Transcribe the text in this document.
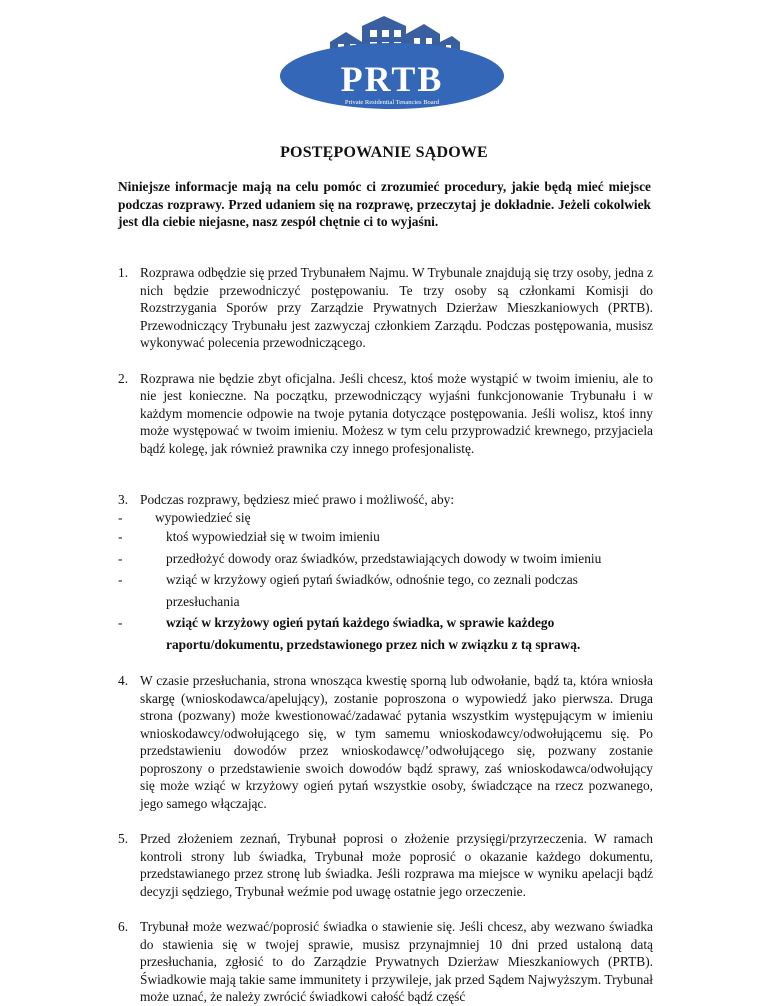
PRTB
Private Residential Tenancies Board
POSTĘPOWANIE SĄDOWE
Niniejsze informacje mają na celu pomóc ci zrozumieć procedury, jakie będą mieć miejsce podczas rozprawy. Przed udaniem się na rozprawę, przeczytaj je dokładnie. Jeżeli cokolwiek jest dla ciebie niejasne, nasz zespół chętnie ci to wyjaśni.
1. Rozprawa odbędzie się przed Trybunałem Najmu. W Trybunale znajdują się trzy osoby, jedna z nich będzie przewodniczyć postępowaniu. Te trzy osoby są członkami Komisji do Rozstrzygania Sporów przy Zarządzie Prywatnych Dzierżaw Mieszkaniowych (PRTB). Przewodniczący Trybunału jest zazwyczaj członkiem Zarządu. Podczas postępowania, musisz wykonywać polecenia przewodniczącego.

2. Rozprawa nie będzie zbyt oficjalna. Jeśli chcesz, ktoś może wystąpić w twoim imieniu, ale to nie jest konieczne. Na początku, przewodniczący wyjaśni funkcjonowanie Trybunału i w każdym momencie odpowie na twoje pytania dotyczące postępowania. Jeśli wolisz, ktoś inny może występować w twoim imieniu. Możesz w tym celu przyprowadzić krewnego, przyjaciela bądź kolegę, jak również prawnika czy innego profesjonalistę.

3. Podczas rozprawy, będziesz mieć prawo i możliwość, aby:

- wypowiedzieć się
-	ktoś wypowiedział się w twoim imieniu
-	przedłożyć dowody oraz świadków, przedstawiających dowody w twoim imieniu
-	wziąć w krzyżowy ogień pytań świadków, odnośnie tego, co zeznali podczas przesłuchania
-	wziąć w krzyżowy ogień pytań każdego świadka, w sprawie każdego raportu/dokumentu, przedstawionego przez nich w związku z tą sprawą.
4. W czasie przesłuchania, strona wnosząca kwestię sporną lub odwołanie, bądź ta, która wniosła skargę (wnioskodawca/apelujący), zostanie poproszona o wypowiedź jako pierwsza. Druga strona (pozwany) może kwestionować/zadawać pytania wszystkim występującym w imieniu wnioskodawcy/odwołującego się, w tym samemu wnioskodawcy/odwołującemu się. Po przedstawieniu dowodów przez wnioskodawcę/’odwołującego się, pozwany zostanie poproszony o przedstawienie swoich dowodów bądź sprawy, zaś wnioskodawca/odwołujący się może wziąć w krzyżowy ogień pytań wszystkie osoby, świadczące na rzecz pozwanego, jego samego włączając.

5. Przed złożeniem zeznań, Trybunał poprosi o złożenie przysięgi/przyrzeczenia. W ramach kontroli strony lub świadka, Trybunał może poprosić o okazanie każdego dokumentu, przedstawianego przez stronę lub świadka. Jeśli rozprawa ma miejsce w wyniku apelacji bądź decyzji sędziego, Trybunał weźmie pod uwagę ostatnie jego orzeczenie.

6. Trybunał może wezwać/poprosić świadka o stawienie się. Jeśli chcesz, aby wezwano świadka do stawienia się w twojej sprawie, musisz przynajmniej 10 dni przed ustaloną datą przesłuchania, zgłosić to do Zarządzie Prywatnych Dzierżaw Mieszkaniowych (PRTB). Świadkowie mają takie same immunitety i przywileje, jak przed Sądem Najwyższym. Trybunał może uznać, że należy zwrócić świadkowi całość bądź część
